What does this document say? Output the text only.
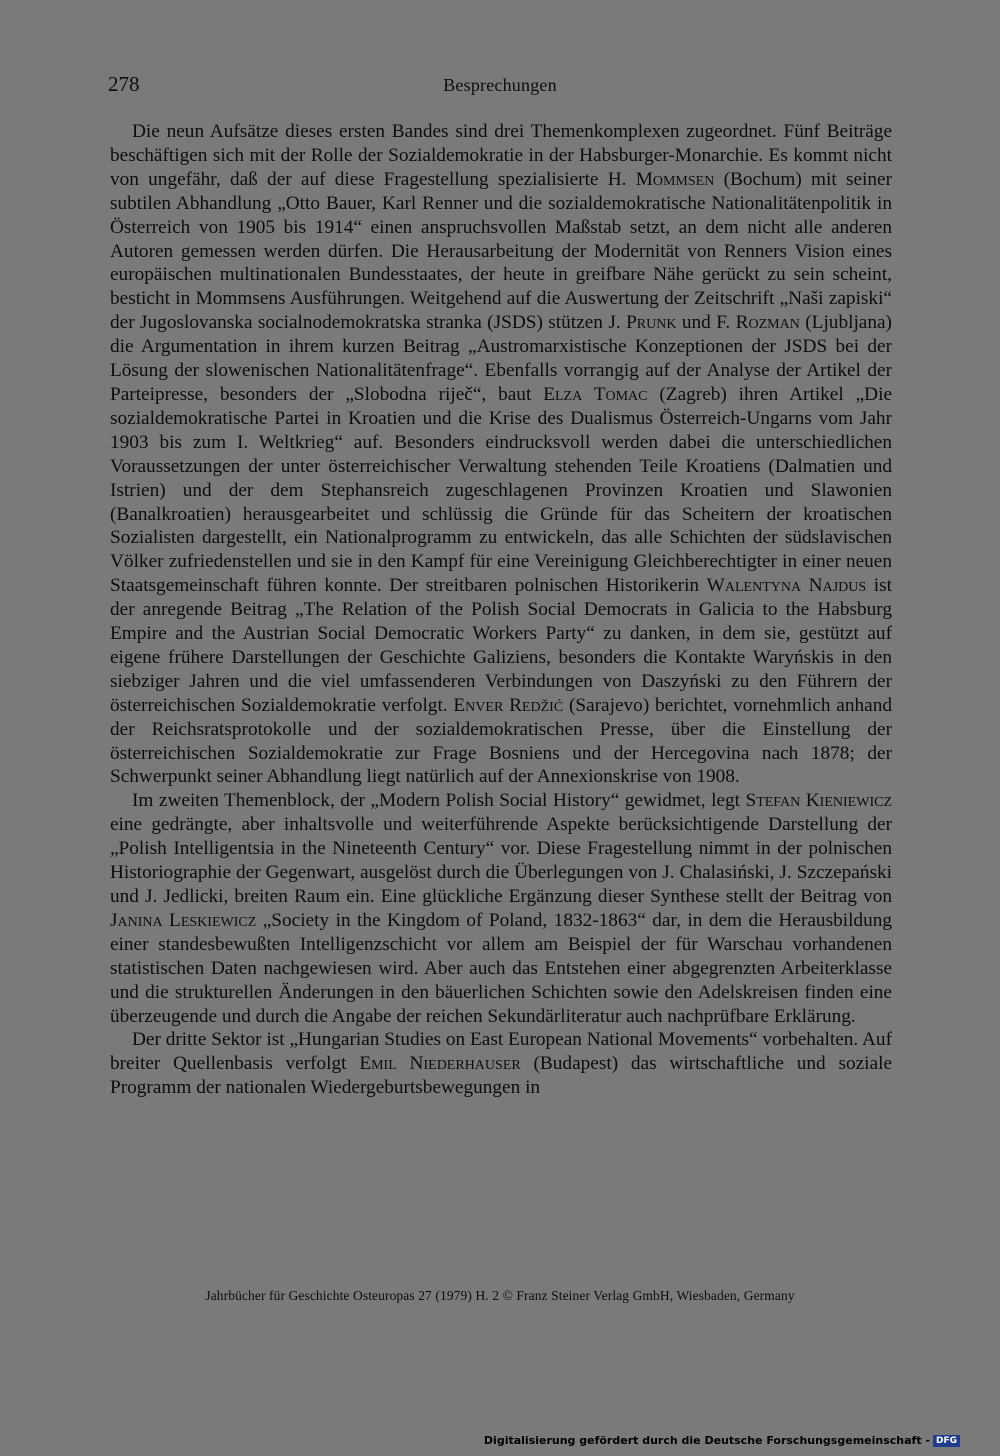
278	Besprechungen

Die neun Aufsätze dieses ersten Bandes sind drei Themenkomplexen zugeordnet. Fünf Beiträge beschäftigen sich mit der Rolle der Sozialdemokratie in der Habsburger-Monarchie. Es kommt nicht von ungefähr, daß der auf diese Fragestellung spezialisierte H. Mommsen (Bochum) mit seiner subtilen Abhandlung „Otto Bauer, Karl Renner und die sozialdemokratische Nationalitätenpolitik in Österreich von 1905 bis 1914“ einen anspruchsvollen Maßstab setzt, an dem nicht alle anderen Autoren gemessen werden dürfen. Die Herausarbeitung der Modernität von Renners Vision eines europäischen multinationalen Bundesstaates, der heute in greifbare Nähe gerückt zu sein scheint, besticht in Mommsens Ausführungen. Weitgehend auf die Auswertung der Zeitschrift „Naši zapiski“ der Jugoslovanska socialnodemokratska stranka (JSDS) stützen J. Prunk und F. Rozman (Ljubljana) die Argumentation in ihrem kurzen Beitrag „Austromarxistische Konzeptionen der JSDS bei der Lösung der slowenischen Nationalitätenfrage“. Ebenfalls vorrangig auf der Analyse der Artikel der Parteipresse, besonders der „Slobodna riječ“, baut Elza Tomac (Zagreb) ihren Artikel „Die sozialdemokratische Partei in Kroatien und die Krise des Dualismus Österreich-Ungarns vom Jahr 1903 bis zum I. Weltkrieg“ auf. Besonders eindrucksvoll werden dabei die unterschiedlichen Voraussetzungen der unter österreichischer Verwaltung stehenden Teile Kroatiens (Dalmatien und Istrien) und der dem Stephansreich zugeschlagenen Provinzen Kroatien und Slawonien (Banalkroatien) herausgearbeitet und schlüssig die Gründe für das Scheitern der kroatischen Sozialisten dargestellt, ein Nationalprogramm zu entwickeln, das alle Schichten der südslavischen Völker zufriedenstellen und sie in den Kampf für eine Vereinigung Gleichberechtigter in einer neuen Staatsgemeinschaft führen konnte. Der streitbaren polnischen Historikerin Walentyna Najdus ist der anregende Beitrag „The Relation of the Polish Social Democrats in Galicia to the Habsburg Empire and the Austrian Social Democratic Workers Party“ zu danken, in dem sie, gestützt auf eigene frühere Darstellungen der Geschichte Galiziens, besonders die Kontakte Waryńskis in den siebziger Jahren und die viel umfassenderen Verbindungen von Daszyński zu den Führern der österreichischen Sozialdemokratie verfolgt. Enver Redžić (Sarajevo) berichtet, vornehmlich anhand der Reichsratsprotokolle und der sozialdemokratischen Presse, über die Einstellung der österreichischen Sozialdemokratie zur Frage Bosniens und der Hercegovina nach 1878; der Schwerpunkt seiner Abhandlung liegt natürlich auf der Annexionskrise von 1908.

Im zweiten Themenblock, der „Modern Polish Social History“ gewidmet, legt Stefan Kieniewicz eine gedrängte, aber inhaltsvolle und weiterführende Aspekte berücksichtigende Darstellung der „Polish Intelligentsia in the Nineteenth Century“ vor. Diese Fragestellung nimmt in der polnischen Historiographie der Gegenwart, ausgelöst durch die Überlegungen von J. Chalasiński, J. Szczepański und J. Jedlicki, breiten Raum ein. Eine glückliche Ergänzung dieser Synthese stellt der Beitrag von Janina Leskiewicz „Society in the Kingdom of Poland, 1832-1863“ dar, in dem die Herausbildung einer standesbewußten Intelligenzschicht vor allem am Beispiel der für Warschau vorhandenen statistischen Daten nachgewiesen wird. Aber auch das Entstehen einer abgegrenzten Arbeiterklasse und die strukturellen Änderungen in den bäuerlichen Schichten sowie den Adelskreisen finden eine überzeugende und durch die Angabe der reichen Sekundärliteratur auch nachprüfbare Erklärung.

Der dritte Sektor ist „Hungarian Studies on East European National Movements“ vorbehalten. Auf breiter Quellenbasis verfolgt Emil Niederhauser (Budapest) das wirtschaftliche und soziale Programm der nationalen Wiedergeburtsbewegungen in

Jahrbücher für Geschichte Osteuropas 27 (1979) H. 2 © Franz Steiner Verlag GmbH, Wiesbaden, Germany
Digitalisierung gefördert durch die Deutsche Forschungsgemeinschaft - DFG
